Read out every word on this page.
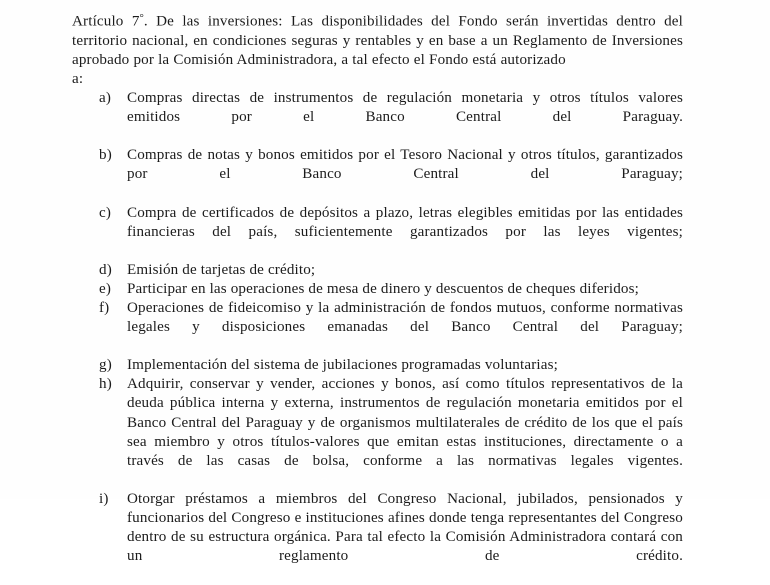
Artículo 7°. De las inversiones: Las disponibilidades del Fondo serán invertidas dentro del territorio nacional, en condiciones seguras y rentables y en base a un Reglamento de Inversiones aprobado por la Comisión Administradora, a tal efecto el Fondo está autorizado

a:

a)	Compras directas de instrumentos de regulación monetaria y otros títulos valores emitidos por el Banco Central del Paraguay.
b)	Compras de notas y bonos emitidos por el Tesoro Nacional y otros títulos, garantizados por el Banco Central del Paraguay;
c)	Compra de certificados de depósitos a plazo, letras elegibles emitidas por las entidades financieras del país, suficientemente garantizados por las leyes vigentes;
d)	Emisión de tarjetas de crédito;
e)	Participar en las operaciones de mesa de dinero y descuentos de cheques diferidos;
f)	Operaciones de fideicomiso y la administración de fondos mutuos, conforme normativas legales y disposiciones emanadas del Banco Central del Paraguay;
g)	Implementación del sistema de jubilaciones programadas voluntarias;
h)	Adquirir, conservar y vender, acciones y bonos, así como títulos representativos de la deuda pública interna y externa, instrumentos de regulación monetaria emitidos por el Banco Central del Paraguay y de organismos multilaterales de crédito de los que el país sea miembro y otros títulos-valores que emitan estas instituciones, directamente o a través de las casas de bolsa, conforme a las normativas legales vigentes.
i)	Otorgar préstamos a miembros del Congreso Nacional, jubilados, pensionados y funcionarios del Congreso e instituciones afines donde tenga representantes del Congreso dentro de su estructura orgánica. Para tal efecto la Comisión Administradora contará con un reglamento de crédito.
